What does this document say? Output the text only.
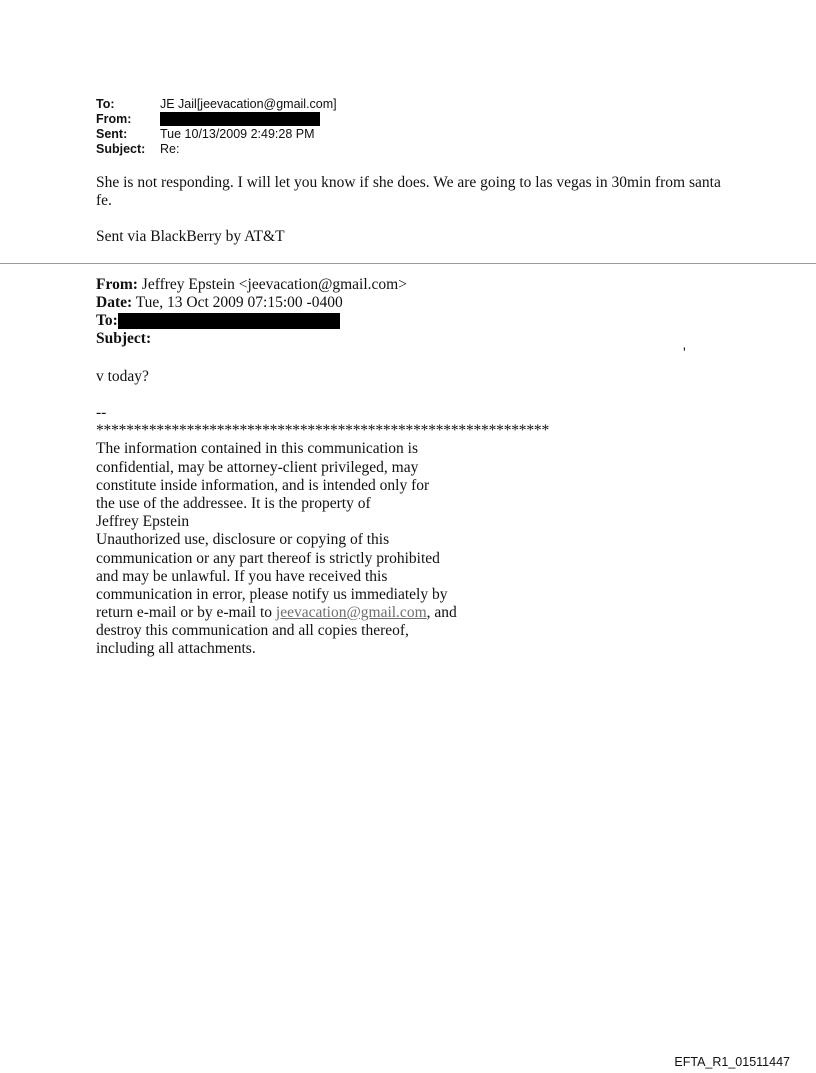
To:	JE Jail[jeevacation@gmail.com]
From:
Sent:	Tue 10/13/2009 2:49:28 PM
Subject:	Re:
She is not responding. I will let you know if she does. We are going to las vegas in 30min from santa fe.
Sent via BlackBerry by AT&T
From: Jeffrey Epstein <jeevacation@gmail.com>
Date: Tue, 13 Oct 2009 07:15:00 -0400
To:
Subject:
'
v today?
--
************************************************************
The information contained in this communication is
confidential, may be attorney-client privileged, may
constitute inside information, and is intended only for
the use of the addressee. It is the property of
Jeffrey Epstein
Unauthorized use, disclosure or copying of this
communication or any part thereof is strictly prohibited
and may be unlawful. If you have received this
communication in error, please notify us immediately by
return e-mail or by e-mail to jeevacation@gmail.com, and
destroy this communication and all copies thereof,
including all attachments.
EFTA_R1_01511447
